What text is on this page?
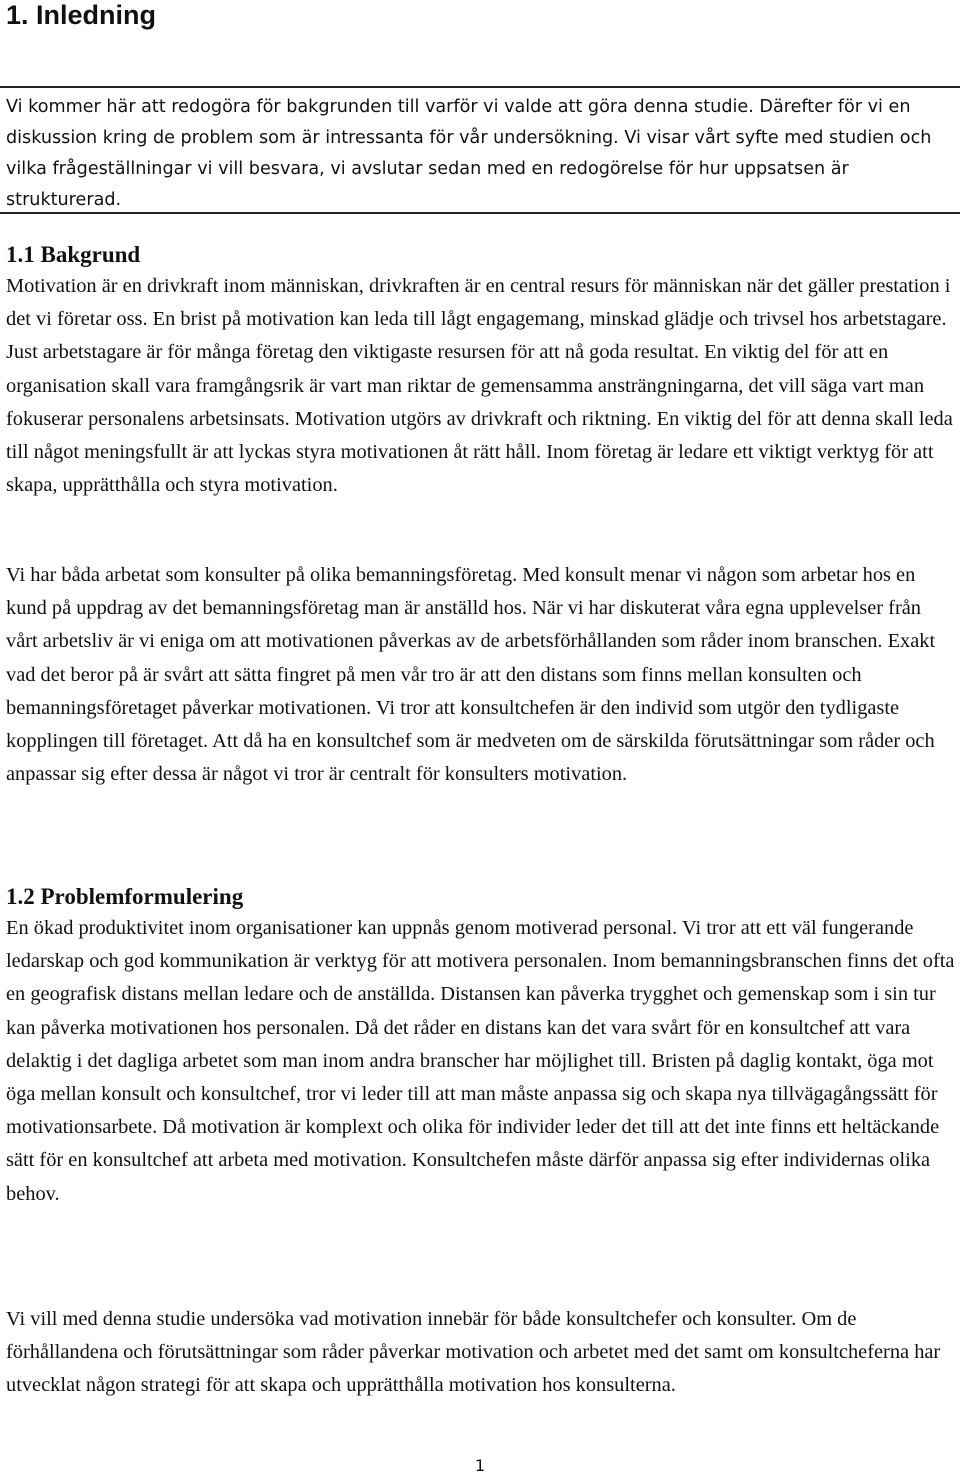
1. Inledning

Vi kommer här att redogöra för bakgrunden till varför vi valde att göra denna studie. Därefter för vi en diskussion kring de problem som är intressanta för vår undersökning. Vi visar vårt syfte med studien och vilka frågeställningar vi vill besvara, vi avslutar sedan med en redogörelse för hur uppsatsen är strukturerad.

1.1 Bakgrund

Motivation är en drivkraft inom människan, drivkraften är en central resurs för människan när det gäller prestation i det vi företar oss. En brist på motivation kan leda till lågt engagemang, minskad glädje och trivsel hos arbetstagare. Just arbetstagare är för många företag den viktigaste resursen för att nå goda resultat. En viktig del för att en organisation skall vara framgångsrik är vart man riktar de gemensamma ansträngningarna, det vill säga vart man fokuserar personalens arbetsinsats. Motivation utgörs av drivkraft och riktning. En viktig del för att denna skall leda till något meningsfullt är att lyckas styra motivationen åt rätt håll. Inom företag är ledare ett viktigt verktyg för att skapa, upprätthålla och styra motivation.

Vi har båda arbetat som konsulter på olika bemanningsföretag. Med konsult menar vi någon som arbetar hos en kund på uppdrag av det bemanningsföretag man är anställd hos. När vi har diskuterat våra egna upplevelser från vårt arbetsliv är vi eniga om att motivationen påverkas av de arbetsförhållanden som råder inom branschen. Exakt vad det beror på är svårt att sätta fingret på men vår tro är att den distans som finns mellan konsulten och bemanningsföretaget påverkar motivationen. Vi tror att konsultchefen är den individ som utgör den tydligaste kopplingen till företaget. Att då ha en konsultchef som är medveten om de särskilda förutsättningar som råder och anpassar sig efter dessa är något vi tror är centralt för konsulters motivation.

1.2 Problemformulering

En ökad produktivitet inom organisationer kan uppnås genom motiverad personal. Vi tror att ett väl fungerande ledarskap och god kommunikation är verktyg för att motivera personalen. Inom bemanningsbranschen finns det ofta en geografisk distans mellan ledare och de anställda. Distansen kan påverka trygghet och gemenskap som i sin tur kan påverka motivationen hos personalen. Då det råder en distans kan det vara svårt för en konsultchef att vara delaktig i det dagliga arbetet som man inom andra branscher har möjlighet till. Bristen på daglig kontakt, öga mot öga mellan konsult och konsultchef, tror vi leder till att man måste anpassa sig och skapa nya tillvägagångssätt för motivationsarbete. Då motivation är komplext och olika för individer leder det till att det inte finns ett heltäckande sätt för en konsultchef att arbeta med motivation. Konsultchefen måste därför anpassa sig efter individernas olika behov.

Vi vill med denna studie undersöka vad motivation innebär för både konsultchefer och konsulter. Om de förhållandena och förutsättningar som råder påverkar motivation och arbetet med det samt om konsultcheferna har utvecklat någon strategi för att skapa och upprätthålla motivation hos konsulterna.

1
